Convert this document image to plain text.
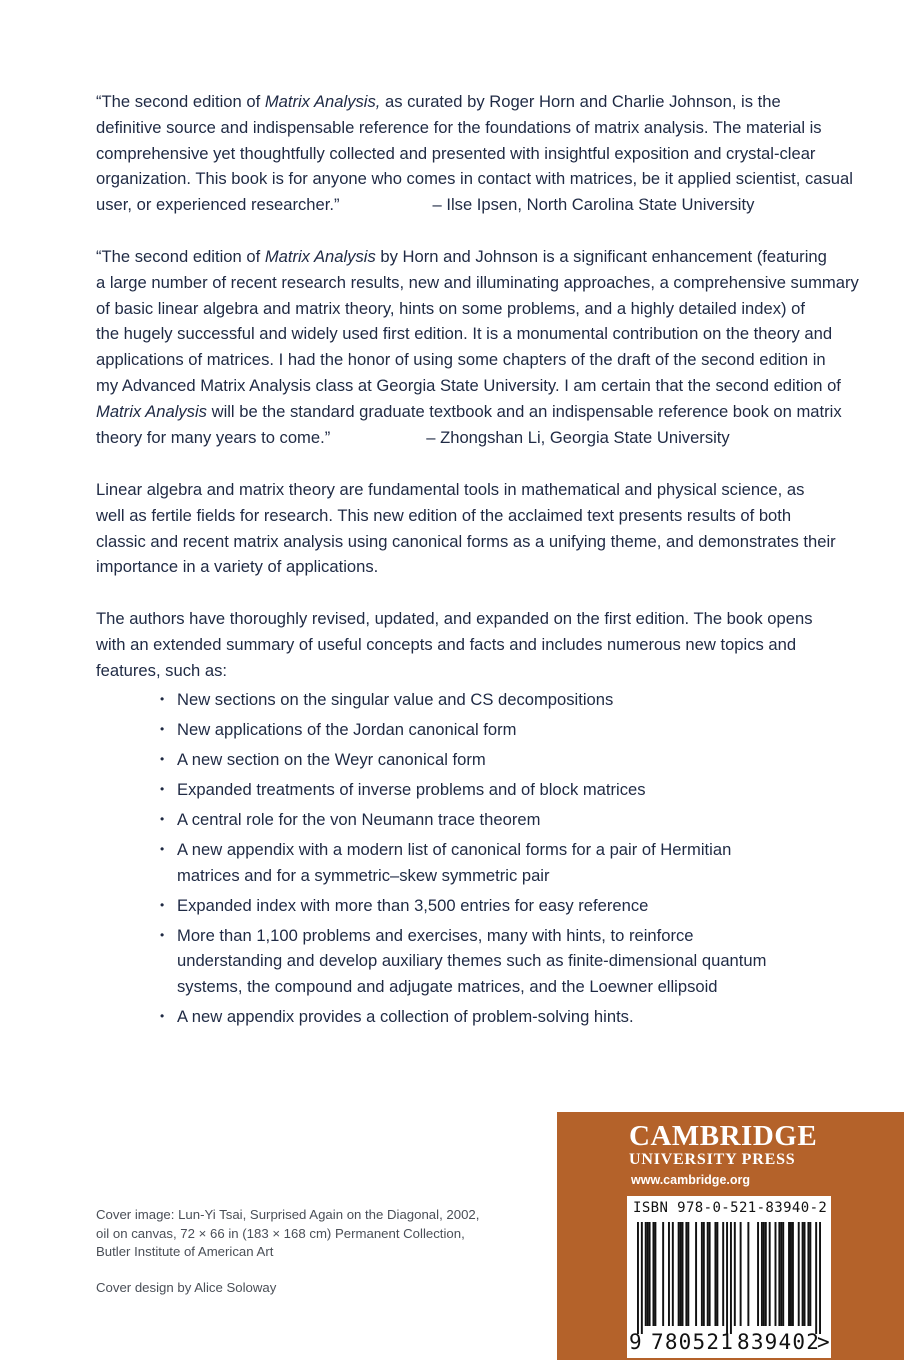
“The second edition of Matrix Analysis, as curated by Roger Horn and Charlie Johnson, is the
definitive source and indispensable reference for the foundations of matrix analysis. The material is
comprehensive yet thoughtfully collected and presented with insightful exposition and crystal-clear
organization. This book is for anyone who comes in contact with matrices, be it applied scientist, casual
user, or experienced researcher.”	– Ilse Ipsen, North Carolina State University
“The second edition of Matrix Analysis by Horn and Johnson is a significant enhancement (featuring
a large number of recent research results, new and illuminating approaches, a comprehensive summary
of basic linear algebra and matrix theory, hints on some problems, and a highly detailed index) of
the hugely successful and widely used first edition. It is a monumental contribution on the theory and
applications of matrices. I had the honor of using some chapters of the draft of the second edition in
my Advanced Matrix Analysis class at Georgia State University. I am certain that the second edition of
Matrix Analysis will be the standard graduate textbook and an indispensable reference book on matrix
theory for many years to come.”	– Zhongshan Li, Georgia State University
Linear algebra and matrix theory are fundamental tools in mathematical and physical science, as
well as fertile fields for research. This new edition of the acclaimed text presents results of both
classic and recent matrix analysis using canonical forms as a unifying theme, and demonstrates their
importance in a variety of applications.
The authors have thoroughly revised, updated, and expanded on the first edition. The book opens
with an extended summary of useful concepts and facts and includes numerous new topics and
features, such as:
• New sections on the singular value and CS decompositions
• New applications of the Jordan canonical form
• A new section on the Weyr canonical form
• Expanded treatments of inverse problems and of block matrices
• A central role for the von Neumann trace theorem
• A new appendix with a modern list of canonical forms for a pair of Hermitian
matrices and for a symmetric–skew symmetric pair
• Expanded index with more than 3,500 entries for easy reference
• More than 1,100 problems and exercises, many with hints, to reinforce
understanding and develop auxiliary themes such as finite-dimensional quantum
systems, the compound and adjugate matrices, and the Loewner ellipsoid
• A new appendix provides a collection of problem-solving hints.
Cover image: Lun-Yi Tsai, Surprised Again on the Diagonal, 2002,
oil on canvas, 72 × 66 in (183 × 168 cm) Permanent Collection,
Butler Institute of American Art
Cover design by Alice Soloway
CAMBRIDGE
UNIVERSITY PRESS
www.cambridge.org
ISBN 978-0-521-83940-2
9 780521 839402
>
